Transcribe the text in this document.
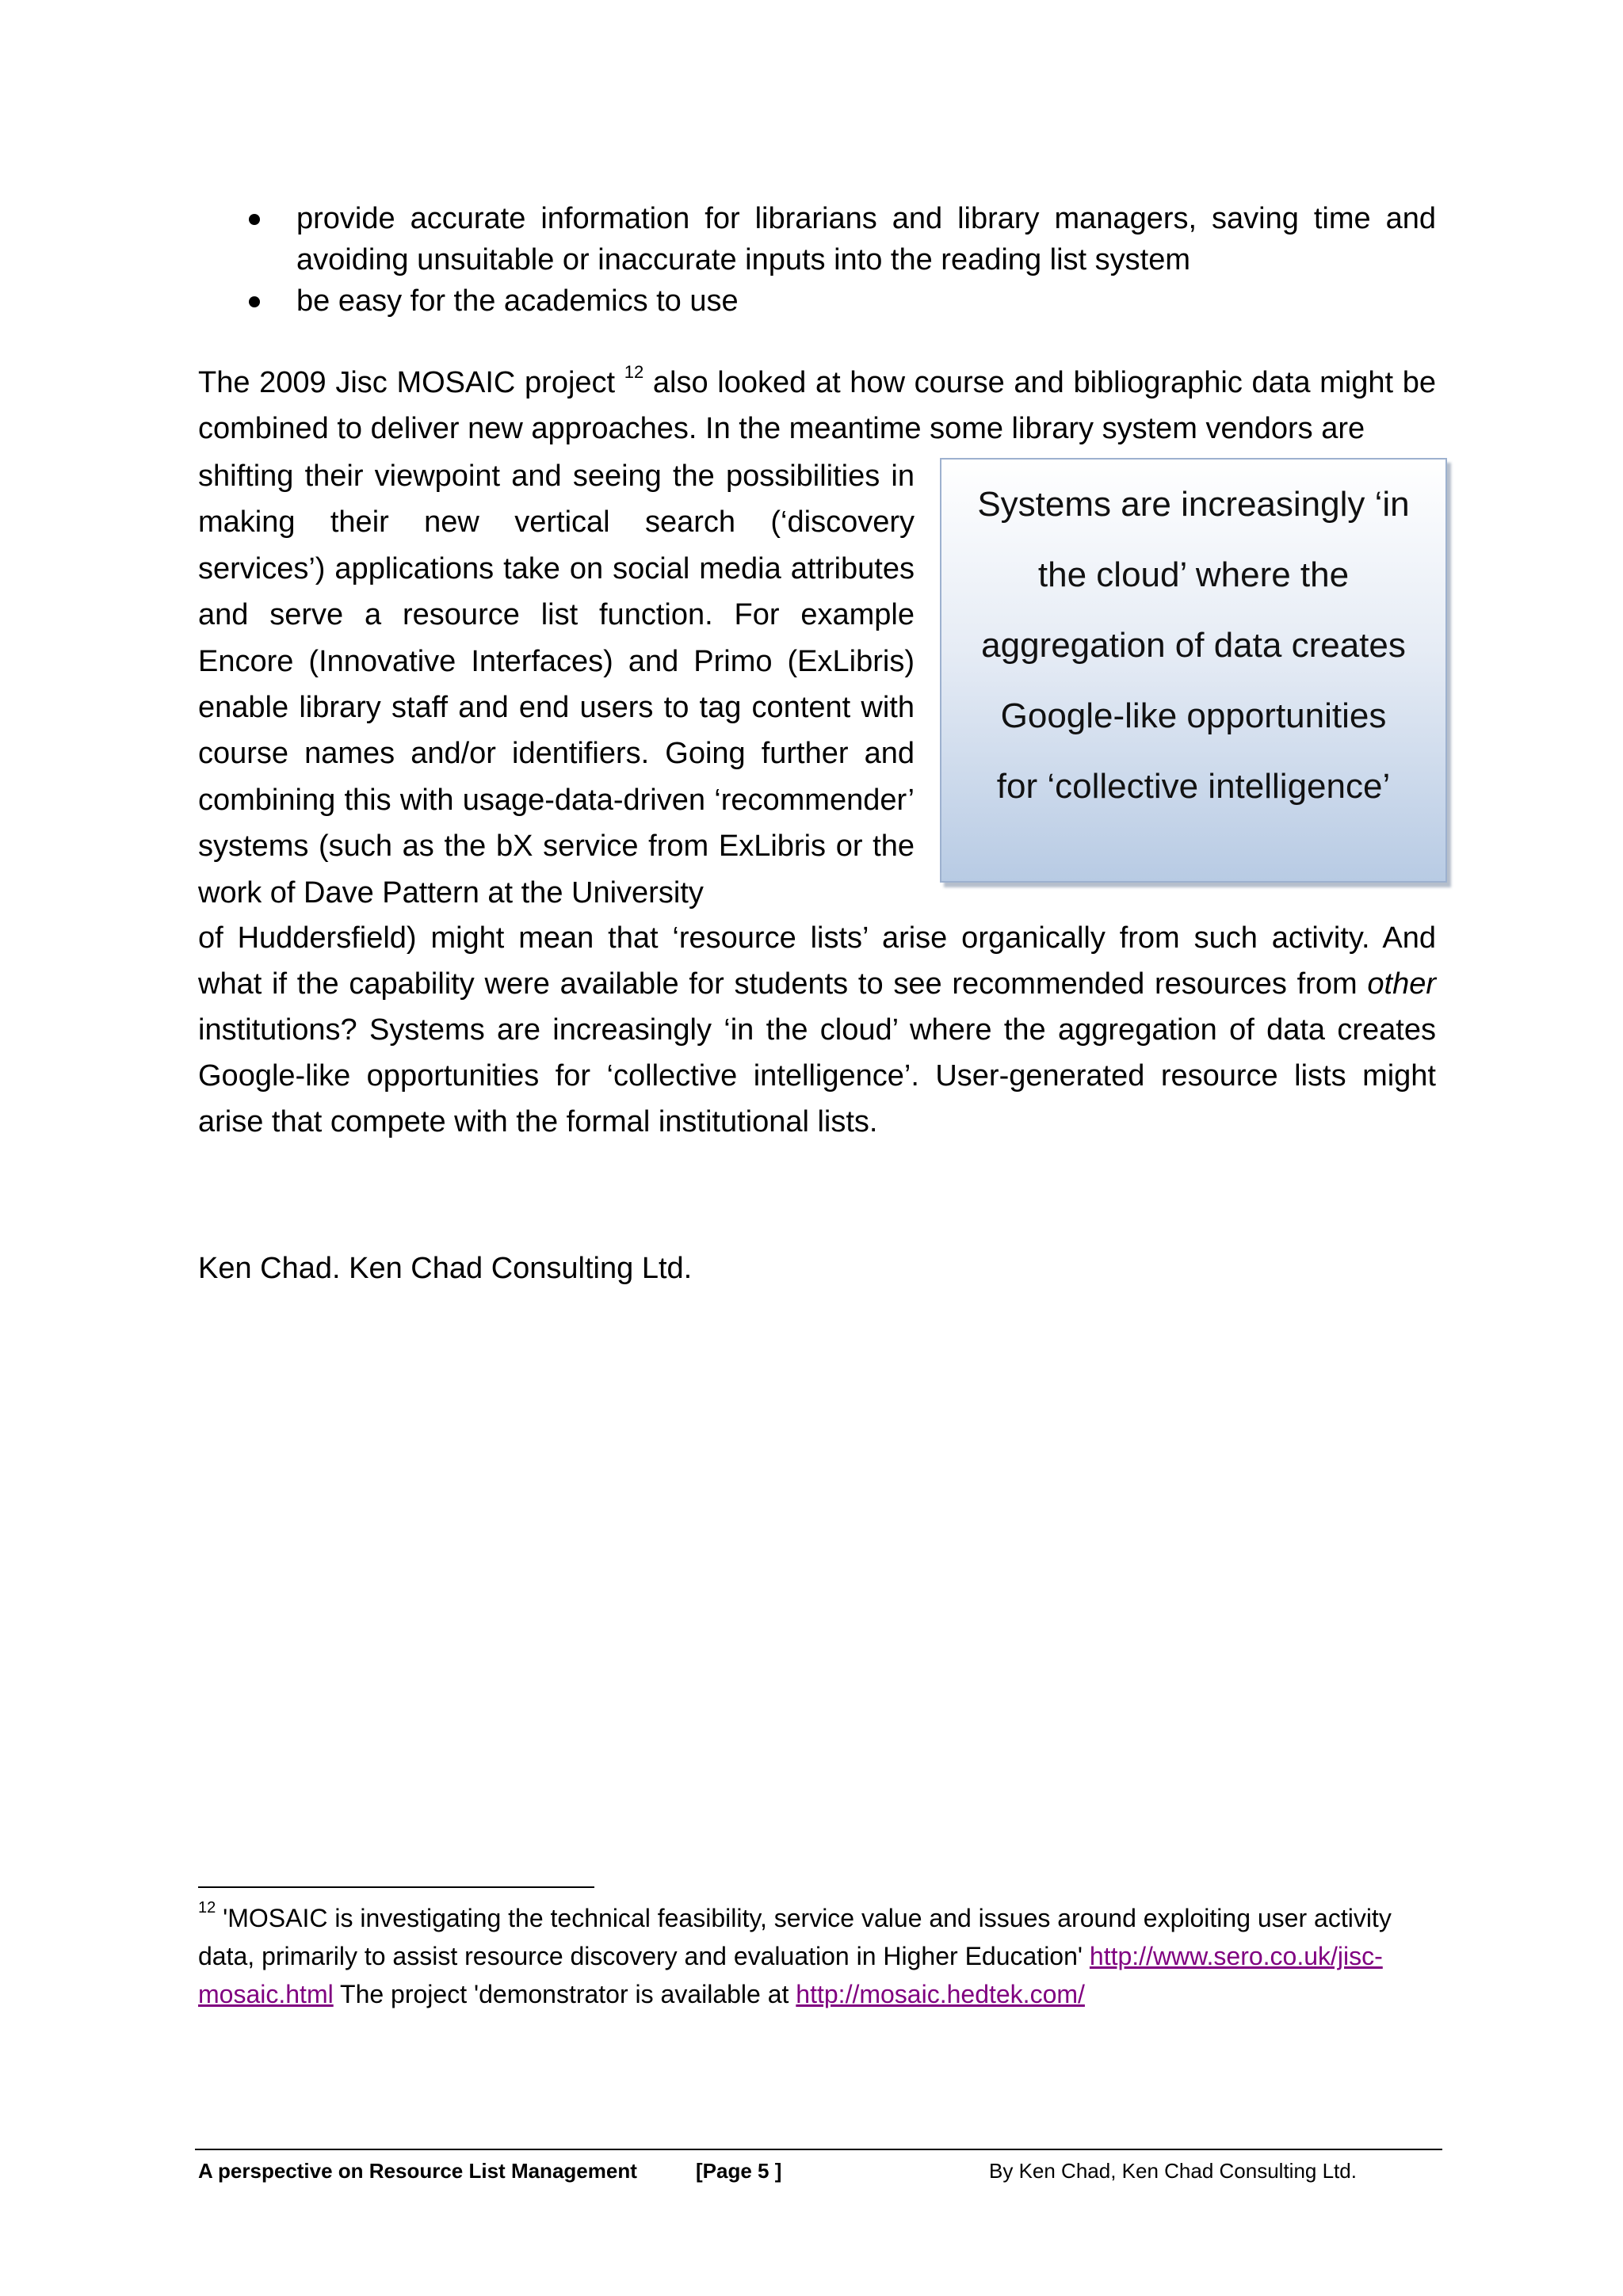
provide accurate information for librarians and library managers, saving time and avoiding unsuitable or inaccurate inputs into the reading list system

be easy for the academics to use

The 2009 Jisc MOSAIC project $^{12}$ also looked at how course and bibliographic data might be combined to deliver new approaches. In the meantime some library system vendors are

shifting their viewpoint and seeing the possibilities in making their new vertical search (‘discovery services’) applications take on social media attributes and serve a resource list function. For example Encore (Innovative Interfaces) and Primo (ExLibris) enable library staff and end users to tag content with course names and/or identifiers. Going further and combining this with usage-data-driven ‘recommender’ systems (such as the bX service from ExLibris or the work of Dave Pattern at the University
Systems are increasingly ‘in
the cloud’ where the
aggregation of data creates
Google-like opportunities
for ‘collective intelligence’

of Huddersfield) might mean that ‘resource lists’ arise organically from such activity. And what if the capability were available for students to see recommended resources from other institutions? Systems are increasingly ‘in the cloud’ where the aggregation of data creates Google-like opportunities for ‘collective intelligence’. User-generated resource lists might arise that compete with the formal institutional lists.

Ken Chad. Ken Chad Consulting Ltd.
$^{12}$ 'MOSAIC is investigating the technical feasibility, service value and issues around exploiting user activity data, primarily to assist resource discovery and evaluation in Higher Education' http://www.sero.co.uk/jisc-mosaic.html The project 'demonstrator is available at http://mosaic.hedtek.com/
A perspective on Resource List Management	[Page 5 ]	By Ken Chad, Ken Chad Consulting Ltd.
